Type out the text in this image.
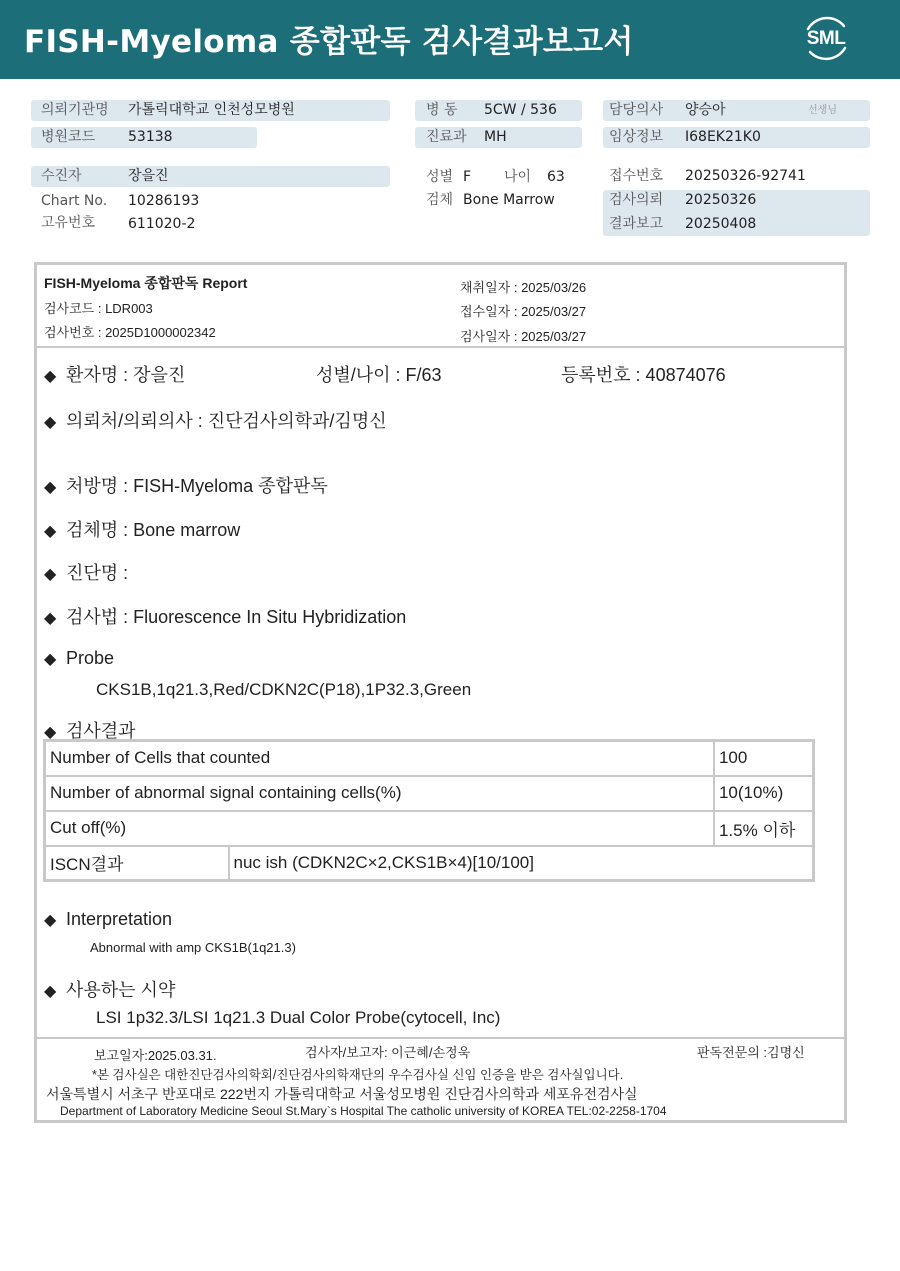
FISH-Myeloma 종합판독 검사결과보고서	SML
의뢰기관명 가톨릭대학교 인천성모병원
병원코드 53138
병 동 5CW / 536
진료과 MH
담당의사 양승아	선생님
임상정보 I68EK21K0
수진자	장을진
Chart No. 10286193
고유번호 611020-2
성별 F 나이 63
검체 Bone Marrow
접수번호 20250326-92741
검사의뢰 20250326
결과보고 20250408
FISH-Myeloma 종합판독 Report
검사코드 : LDR003
검사번호 : 2025D1000002342
채취일자 : 2025/03/26
접수일자 : 2025/03/27
검사일자 : 2025/03/27
◆ 환자명 : 장을진	성별/나이 : F/63	등록번호 : 40874076
◆ 의뢰처/의뢰의사 : 진단검사의학과/김명신
◆ 처방명 : FISH-Myeloma 종합판독
◆ 검체명 : Bone marrow
◆ 진단명 :
◆ 검사법 : Fluorescence In Situ Hybridization
◆ Probe
CKS1B,1q21.3,Red/CDKN2C(P18),1P32.3,Green
◆ 검사결과
Number of Cells that counted		100
Number of abnormal signal containing cells(%)		10(10%)
Cut off(%)		1.5% 이하
ISCN결과	nuc ish (CDKN2C×2,CKS1B×4)[10/100]	
◆ Interpretation
Abnormal with amp CKS1B(1q21.3)
◆ 사용하는 시약
LSI 1p32.3/LSI 1q21.3 Dual Color Probe(cytocell, Inc)
보고일자:2025.03.31.	검사자/보고자: 이근혜/손정욱	판독전문의 :김명신
*본 검사실은 대한진단검사의학회/진단검사의학재단의 우수검사실 신임 인증을 받은 검사실입니다.
서울특별시 서초구 반포대로 222번지 가톨릭대학교 서울성모병원 진단검사의학과 세포유전검사실
Department of Laboratory Medicine Seoul St.Mary`s Hospital The catholic university of KOREA TEL:02-2258-1704
